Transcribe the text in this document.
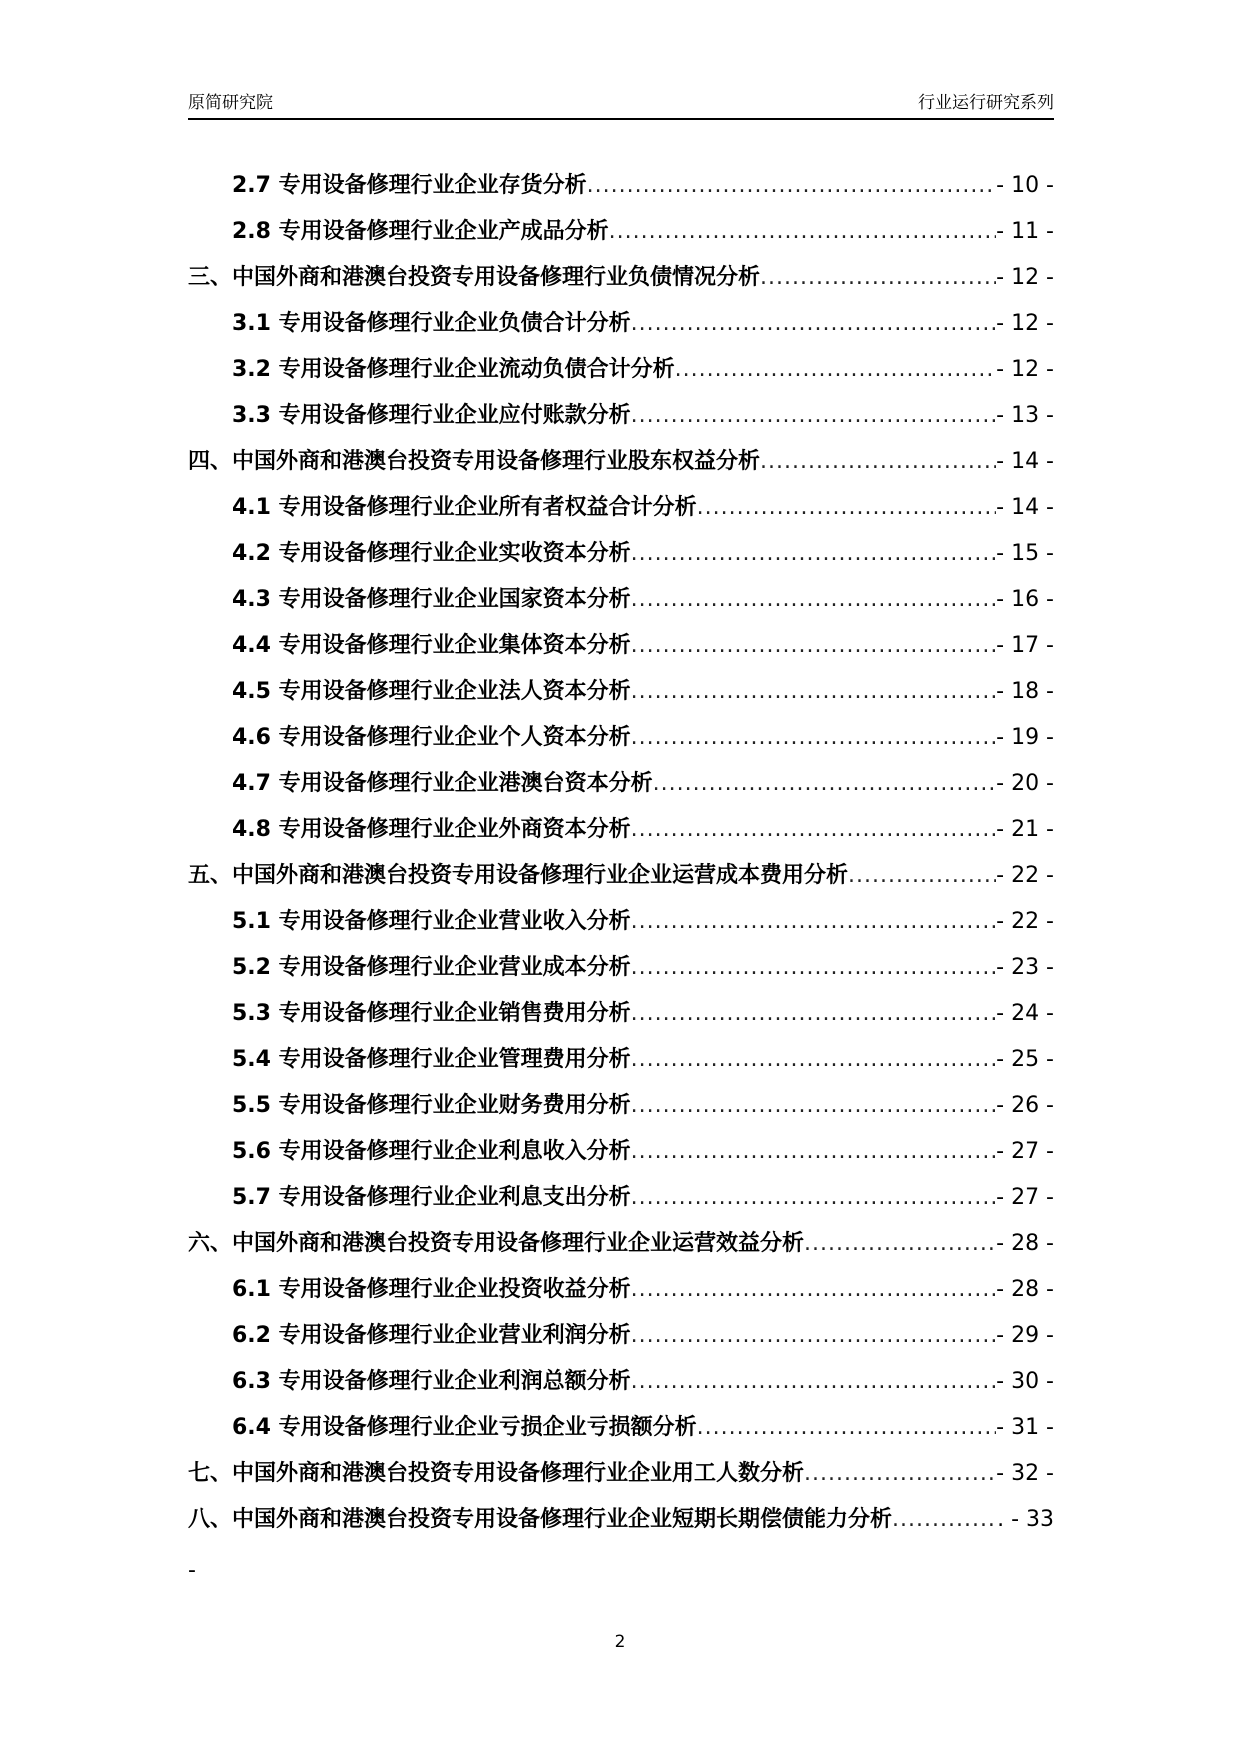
原简研究院	行业运行研究系列
2.7 专用设备修理行业企业存货分析 .....	- 10 -
2.8 专用设备修理行业企业产成品分析 .....	- 11 -
三、中国外商和港澳台投资专用设备修理行业负债情况分析 .....	- 12 -
3.1 专用设备修理行业企业负债合计分析 .....	- 12 -
3.2 专用设备修理行业企业流动负债合计分析 .....	- 12 -
3.3 专用设备修理行业企业应付账款分析 .....	- 13 -
四、中国外商和港澳台投资专用设备修理行业股东权益分析 .....	- 14 -
4.1 专用设备修理行业企业所有者权益合计分析 .....	- 14 -
4.2 专用设备修理行业企业实收资本分析 .....	- 15 -
4.3 专用设备修理行业企业国家资本分析 .....	- 16 -
4.4 专用设备修理行业企业集体资本分析 .....	- 17 -
4.5 专用设备修理行业企业法人资本分析 .....	- 18 -
4.6 专用设备修理行业企业个人资本分析 .....	- 19 -
4.7 专用设备修理行业企业港澳台资本分析 .....	- 20 -
4.8 专用设备修理行业企业外商资本分析 .....	- 21 -
五、中国外商和港澳台投资专用设备修理行业企业运营成本费用分析 .....	- 22 -
5.1 专用设备修理行业企业营业收入分析 .....	- 22 -
5.2 专用设备修理行业企业营业成本分析 .....	- 23 -
5.3 专用设备修理行业企业销售费用分析 .....	- 24 -
5.4 专用设备修理行业企业管理费用分析 .....	- 25 -
5.5 专用设备修理行业企业财务费用分析 .....	- 26 -
5.6 专用设备修理行业企业利息收入分析 .....	- 27 -
5.7 专用设备修理行业企业利息支出分析 .....	- 27 -
六、中国外商和港澳台投资专用设备修理行业企业运营效益分析 .....	- 28 -
6.1 专用设备修理行业企业投资收益分析 .....	- 28 -
6.2 专用设备修理行业企业营业利润分析 .....	- 29 -
6.3 专用设备修理行业企业利润总额分析 .....	- 30 -
6.4 专用设备修理行业企业亏损企业亏损额分析 .....	- 31 -
七、中国外商和港澳台投资专用设备修理行业企业用工人数分析 .....	- 32 -
八、中国外商和港澳台投资专用设备修理行业企业短期长期偿债能力分析 .....	. - 33
-
2
